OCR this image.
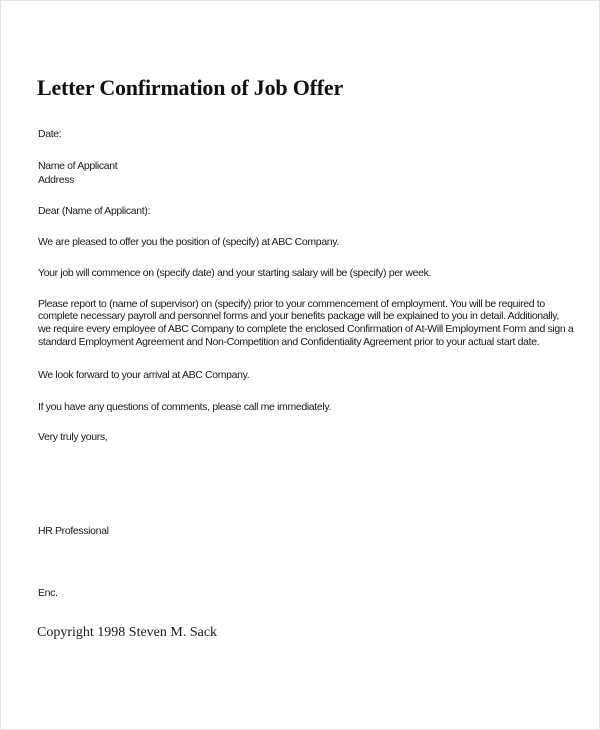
Letter Confirmation of Job Offer
Date:
Name of Applicant
Address
Dear (Name of Applicant):
We are pleased to offer you the position of (specify) at ABC Company.
Your job will commence on (specify date) and your starting salary will be (specify) per week.
Please report to (name of supervisor) on (specify) prior to your commencement of employment. You will be required to
complete necessary payroll and personnel forms and your benefits package will be explained to you in detail. Additionally,
we require every employee of ABC Company to complete the enclosed Confirmation of At-Will Employment Form and sign a
standard Employment Agreement and Non-Competition and Confidentiality Agreement prior to your actual start date.
We look forward to your arrival at ABC Company.
If you have any questions of comments, please call me immediately.
Very truly yours,
HR Professional
Enc.
Copyright 1998 Steven M. Sack
